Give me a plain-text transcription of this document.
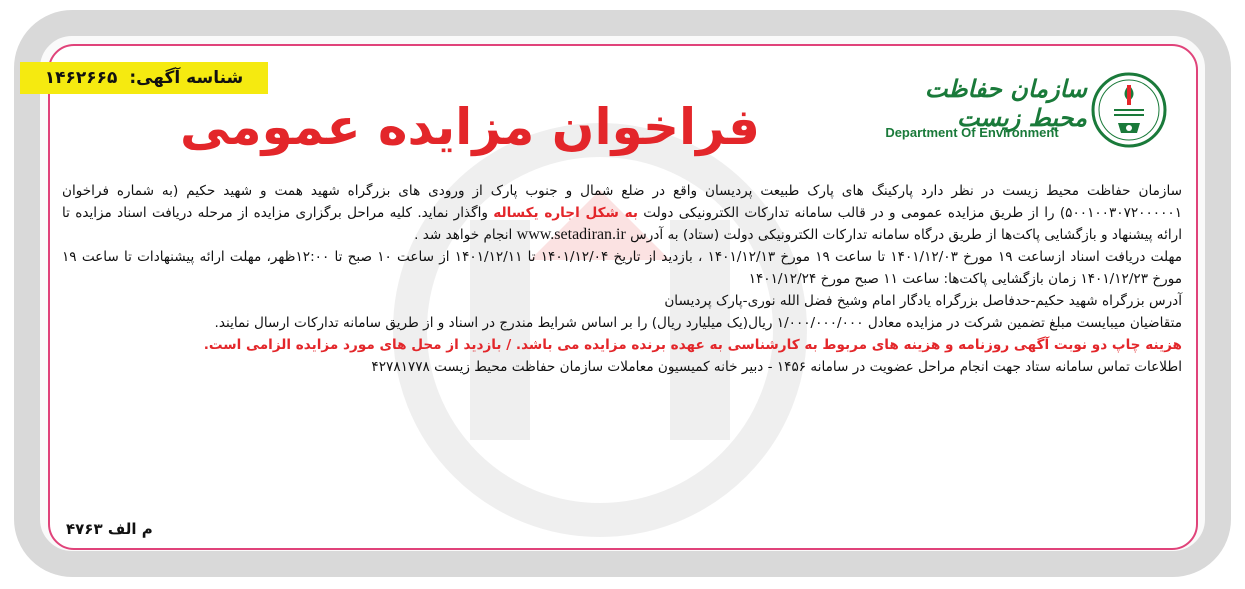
شناسه آگهی: ۱۴۶۲۶۶۵
فراخوان مزایده عمومی
سازمان حفاظت محیط زیست
Department Of Environment

سازمان حفاظت محیط زیست در نظر دارد پارکینگ های پارک طبیعت پردیسان واقع در ضلع شمال و جنوب پارک از ورودی های بزرگراه شهید همت و شهید حکیم (به شماره فراخوان ۵۰۰۱۰۰۳۰۷۲۰۰۰۰۰۱) را از طریق مزایده عمومی و در قالب سامانه تدارکات الکترونیکی دولت به شکل اجاره یکساله واگذار نماید. کلیه مراحل برگزاری مزایده از مرحله دریافت اسناد مزایده تا ارائه پیشنهاد و بازگشایی پاکت‌ها از طریق درگاه سامانه تدارکات الکترونیکی دولت (ستاد) به آدرس www.setadiran.ir انجام خواهد شد .

مهلت دریافت اسناد ازساعت ۱۹ مورخ ۱۴۰۱/۱۲/۰۳ تا ساعت ۱۹ مورخ ۱۴۰۱/۱۲/۱۳ ، بازدید از تاریخ ۱۴۰۱/۱۲/۰۴ تا ۱۴۰۱/۱۲/۱۱ از ساعت ۱۰ صبح تا ۱۲:۰۰ظهر، مهلت ارائه پیشنهادات تا ساعت ۱۹ مورخ ۱۴۰۱/۱۲/۲۳ زمان بازگشایی پاکت‌ها: ساعت ۱۱ صبح مورخ ۱۴۰۱/۱۲/۲۴

آدرس بزرگراه شهید حکیم-حدفاصل بزرگراه یادگار امام وشیخ فضل الله نوری-پارک پردیسان

متقاضیان میبایست مبلغ تضمین شرکت در مزایده معادل ۱/۰۰۰/۰۰۰/۰۰۰ ریال(یک میلیارد ریال) را بر اساس شرایط مندرج در اسناد و از طریق سامانه تدارکات ارسال نمایند.

هزینه چاپ دو نوبت آگهی روزنامه و هزینه های مربوط به کارشناسی به عهده برنده مزایده می باشد. / بازدید از محل های مورد مزایده الزامی است.

اطلاعات تماس سامانه ستاد جهت انجام مراحل عضویت در سامانه ۱۴۵۶ - دبیر خانه کمیسیون معاملات سازمان حفاظت محیط زیست ۴۲۷۸۱۷۷۸

م الف ۴۷۶۳
